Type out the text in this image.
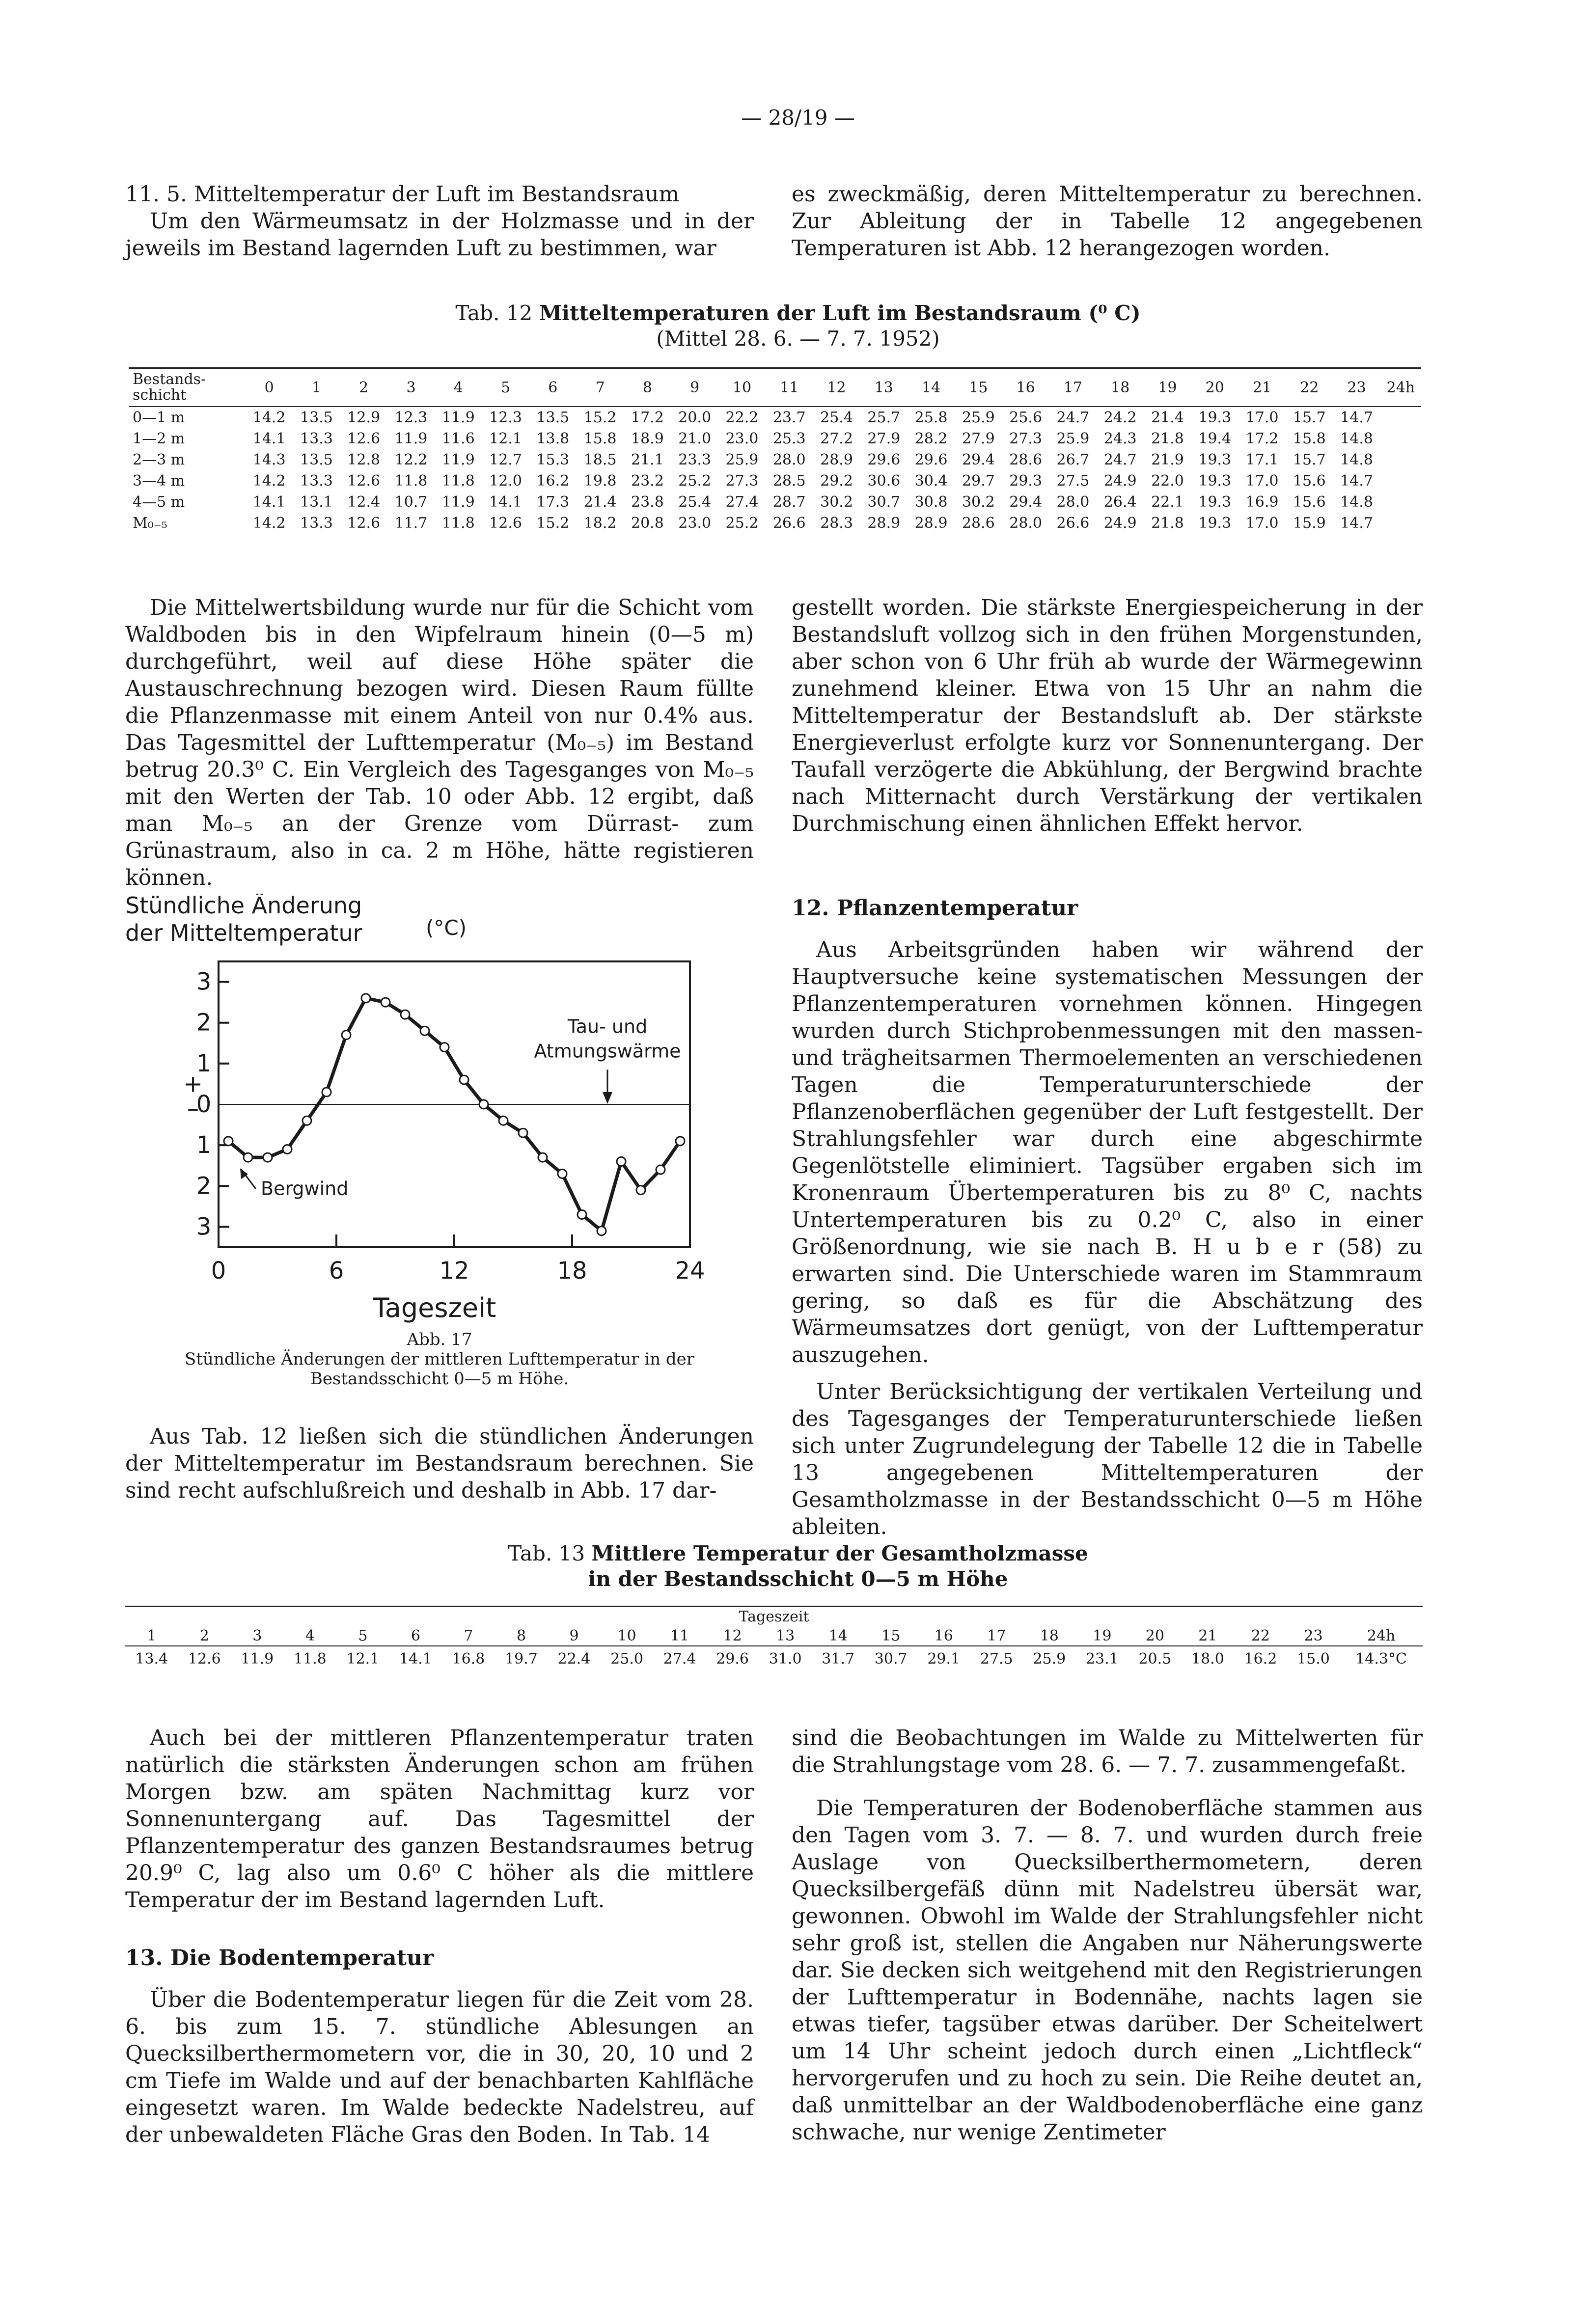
— 28/19 —

11. 5. Mitteltemperatur der Luft im Bestandsraum

Um den Wärmeumsatz in der Holzmasse und in der jeweils im Bestand lagernden Luft zu bestimmen, war

es zweckmäßig, deren Mitteltemperatur zu berechnen. Zur Ableitung der in Tabelle 12 angegebenen Temperaturen ist Abb. 12 herangezogen worden.

Tab. 12 Mitteltemperaturen der Luft im Bestandsraum (⁰ C)
(Mittel 28. 6. — 7. 7. 1952)
Bestands-schicht	0	1	2	3	4	5	6	7	8	9	10	11	12	13	14	15	16	17	18	19	20	21	22	23	24h
0—1 m	14.2	13.5	12.9	12.3	11.9	12.3	13.5	15.2	17.2	20.0	22.2	23.7	25.4	25.7	25.8	25.9	25.6	24.7	24.2	21.4	19.3	17.0	15.7	14.7	
1—2 m	14.1	13.3	12.6	11.9	11.6	12.1	13.8	15.8	18.9	21.0	23.0	25.3	27.2	27.9	28.2	27.9	27.3	25.9	24.3	21.8	19.4	17.2	15.8	14.8	
2—3 m	14.3	13.5	12.8	12.2	11.9	12.7	15.3	18.5	21.1	23.3	25.9	28.0	28.9	29.6	29.6	29.4	28.6	26.7	24.7	21.9	19.3	17.1	15.7	14.8	
3—4 m	14.2	13.3	12.6	11.8	11.8	12.0	16.2	19.8	23.2	25.2	27.3	28.5	29.2	30.6	30.4	29.7	29.3	27.5	24.9	22.0	19.3	17.0	15.6	14.7	
4—5 m	14.1	13.1	12.4	10.7	11.9	14.1	17.3	21.4	23.8	25.4	27.4	28.7	30.2	30.7	30.8	30.2	29.4	28.0	26.4	22.1	19.3	16.9	15.6	14.8	
M₀₋₅	14.2	13.3	12.6	11.7	11.8	12.6	15.2	18.2	20.8	23.0	25.2	26.6	28.3	28.9	28.9	28.6	28.0	26.6	24.9	21.8	19.3	17.0	15.9	14.7	

Die Mittelwertsbildung wurde nur für die Schicht vom Waldboden bis in den Wipfelraum hinein (0—5 m) durchgeführt, weil auf diese Höhe später die Austauschrechnung bezogen wird. Diesen Raum füllte die Pflanzenmasse mit einem Anteil von nur 0.4% aus. Das Tagesmittel der Lufttemperatur (M₀₋₅) im Bestand betrug 20.3⁰ C. Ein Vergleich des Tagesganges von M₀₋₅ mit den Werten der Tab. 10 oder Abb. 12 ergibt, daß man M₀₋₅ an der Grenze vom Dürrast- zum Grünastraum, also in ca. 2 m Höhe, hätte registieren können.

gestellt worden. Die stärkste Energiespeicherung in der Bestandsluft vollzog sich in den frühen Morgenstunden, aber schon von 6 Uhr früh ab wurde der Wärmegewinn zunehmend kleiner. Etwa von 15 Uhr an nahm die Mitteltemperatur der Bestandsluft ab. Der stärkste Energieverlust erfolgte kurz vor Sonnenuntergang. Der Taufall verzögerte die Abkühlung, der Bergwind brachte nach Mitternacht durch Verstärkung der vertikalen Durchmischung einen ähnlichen Effekt hervor.

Stündliche Änderung
der Mitteltemperatur	(°C)
3
2
1
0
1
2
3
+
–
0	6	12	18	24
Tageszeit
Bergwind
Tau- und
Atmungswärme
Abb. 17
Stündliche Änderungen der mittleren Lufttemperatur in der Bestandsschicht 0—5 m Höhe.

Aus Tab. 12 ließen sich die stündlichen Änderungen der Mitteltemperatur im Bestandsraum berechnen. Sie sind recht aufschlußreich und deshalb in Abb. 17 dar-

12. Pflanzentemperatur

Aus Arbeitsgründen haben wir während der Hauptversuche keine systematischen Messungen der Pflanzentemperaturen vornehmen können. Hingegen wurden durch Stichprobenmessungen mit den massen- und trägheitsarmen Thermoelementen an verschiedenen Tagen die Temperaturunterschiede der Pflanzenoberflächen gegenüber der Luft festgestellt. Der Strahlungsfehler war durch eine abgeschirmte Gegenlötstelle eliminiert. Tagsüber ergaben sich im Kronenraum Übertemperaturen bis zu 8⁰ C, nachts Untertemperaturen bis zu 0.2⁰ C, also in einer Größenordnung, wie sie nach B. H u b e r (58) zu erwarten sind. Die Unterschiede waren im Stammraum gering, so daß es für die Abschätzung des Wärmeumsatzes dort genügt, von der Lufttemperatur auszugehen.

Unter Berücksichtigung der vertikalen Verteilung und des Tagesganges der Temperaturunterschiede ließen sich unter Zugrundelegung der Tabelle 12 die in Tabelle 13 angegebenen Mitteltemperaturen der Gesamtholzmasse in der Bestandsschicht 0—5 m Höhe ableiten.

Tab. 13 Mittlere Temperatur der Gesamtholzmasse
in der Bestandsschicht 0—5 m Höhe
Tageszeit																							
1	2	3	4	5	6	7	8	9	10	11	12	13	14	15	16	17	18	19	20	21	22	23	24h
13.4	12.6	11.9	11.8	12.1	14.1	16.8	19.7	22.4	25.0	27.4	29.6	31.0	31.7	30.7	29.1	27.5	25.9	23.1	20.5	18.0	16.2	15.0	14.3°C

Auch bei der mittleren Pflanzentemperatur traten natürlich die stärksten Änderungen schon am frühen Morgen bzw. am späten Nachmittag kurz vor Sonnenuntergang auf. Das Tagesmittel der Pflanzentemperatur des ganzen Bestandsraumes betrug 20.9⁰ C, lag also um 0.6⁰ C höher als die mittlere Temperatur der im Bestand lagernden Luft.

13. Die Bodentemperatur

Über die Bodentemperatur liegen für die Zeit vom 28. 6. bis zum 15. 7. stündliche Ablesungen an Quecksilberthermometern vor, die in 30, 20, 10 und 2 cm Tiefe im Walde und auf der benachbarten Kahlfläche eingesetzt waren. Im Walde bedeckte Nadelstreu, auf der unbewaldeten Fläche Gras den Boden. In Tab. 14

sind die Beobachtungen im Walde zu Mittelwerten für die Strahlungstage vom 28. 6. — 7. 7. zusammengefaßt.

Die Temperaturen der Bodenoberfläche stammen aus den Tagen vom 3. 7. — 8. 7. und wurden durch freie Auslage von Quecksilberthermometern, deren Quecksilbergefäß dünn mit Nadelstreu übersät war, gewonnen. Obwohl im Walde der Strahlungsfehler nicht sehr groß ist, stellen die Angaben nur Näherungswerte dar. Sie decken sich weitgehend mit den Registrierungen der Lufttemperatur in Bodennähe, nachts lagen sie etwas tiefer, tagsüber etwas darüber. Der Scheitelwert um 14 Uhr scheint jedoch durch einen „Lichtfleck“ hervorgerufen und zu hoch zu sein. Die Reihe deutet an, daß unmittelbar an der Waldbodenoberfläche eine ganz schwache, nur wenige Zentimeter
